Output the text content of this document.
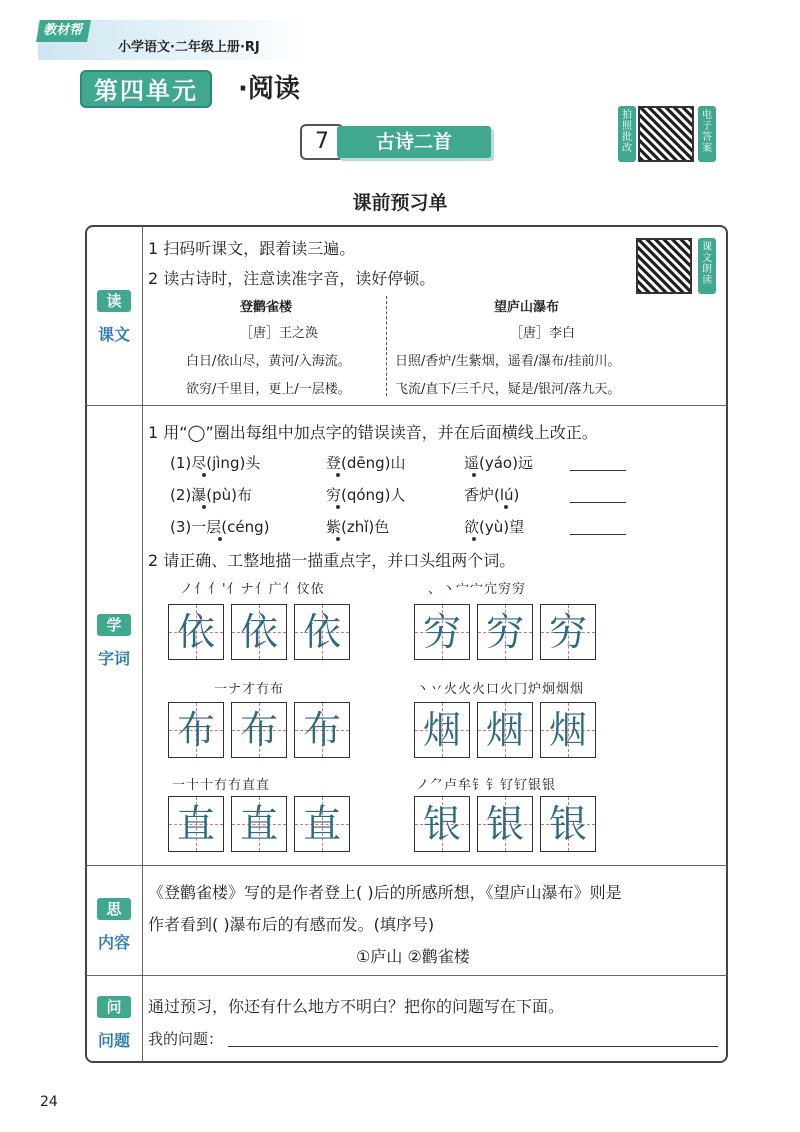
教材帮
小学语文·二年级上册·RJ
第四单元	·阅读
7	古诗二首
拍照批改
电子答案
课前预习单
读
课文
1 扫码听课文，跟着读三遍。
2 读古诗时，注意读准字音，读好停顿。
课文朗读
登鹳雀楼
［唐］王之涣
白日/依山尽，黄河/入海流。
欲穷/千里目，更上/一层楼。
望庐山瀑布
［唐］李白
日照/香炉/生紫烟，遥看/瀑布/挂前川。
飞流/直下/三千尺，疑是/银河/落九天。
学
字词
1 用“◯”圈出每组中加点字的错误读音，并在后面横线上改正。
(1)尽(jìng)头	登(dēng)山	遥(yáo)远
(2)瀑(pù)布	穷(qóng)人	香炉(lú)
(3)一层(céng)	紫(zhǐ)色	欲(yù)望
2 请正确、工整地描一描重点字，并口头组两个词。
ノ亻亻'亻ナ亻广亻伩依
依 依 依
、丶宀宀宂穷穷
穷 穷 穷
一ナ才冇布
布 布 布
丶丷火火火口火冂炉炯烟烟
烟 烟 烟
一十十冇冇直直
直 直 直
ノ⺈卢牟钅钅钌钌银银
银 银 银
思
内容
《登鹳雀楼》写的是作者登上( )后的所感所想，《望庐山瀑布》则是
作者看到( )瀑布后的有感而发。(填序号)
①庐山 ②鹳雀楼
问
问题
通过预习，你还有什么地方不明白？把你的问题写在下面。
我的问题：
24
